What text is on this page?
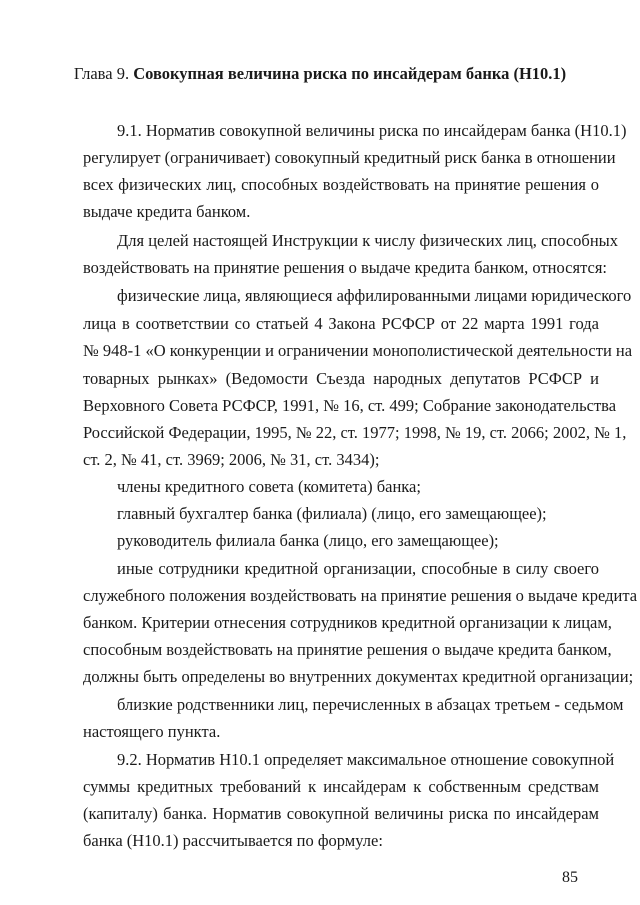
Глава 9. Совокупная величина риска по инсайдерам банка (Н10.1)
9.1. Норматив совокупной величины риска по инсайдерам банка (Н10.1)
регулирует (ограничивает) совокупный кредитный риск банка в отношении
всех физических лиц, способных воздействовать на принятие решения о
выдаче кредита банком.
Для целей настоящей Инструкции к числу физических лиц, способных
воздействовать на принятие решения о выдаче кредита банком, относятся:
физические лица, являющиеся аффилированными лицами юридического
лица в соответствии со статьей 4 Закона РСФСР от 22 марта 1991 года
№ 948-1 «О конкуренции и ограничении монополистической деятельности на
товарных рынках» (Ведомости Съезда народных депутатов РСФСР и
Верховного Совета РСФСР, 1991, № 16, ст. 499; Собрание законодательства
Российской Федерации, 1995, № 22, ст. 1977; 1998, № 19, ст. 2066; 2002, № 1,
ст. 2, № 41, ст. 3969; 2006, № 31, ст. 3434);
члены кредитного совета (комитета) банка;
главный бухгалтер банка (филиала) (лицо, его замещающее);
руководитель филиала банка (лицо, его замещающее);
иные сотрудники кредитной организации, способные в силу своего
служебного положения воздействовать на принятие решения о выдаче кредита
банком. Критерии отнесения сотрудников кредитной организации к лицам,
способным воздействовать на принятие решения о выдаче кредита банком,
должны быть определены во внутренних документах кредитной организации;
близкие родственники лиц, перечисленных в абзацах третьем - седьмом
настоящего пункта.
9.2. Норматив Н10.1 определяет максимальное отношение совокупной
суммы кредитных требований к инсайдерам к собственным средствам
(капиталу) банка. Норматив совокупной величины риска по инсайдерам
банка (Н10.1) рассчитывается по формуле:
85
